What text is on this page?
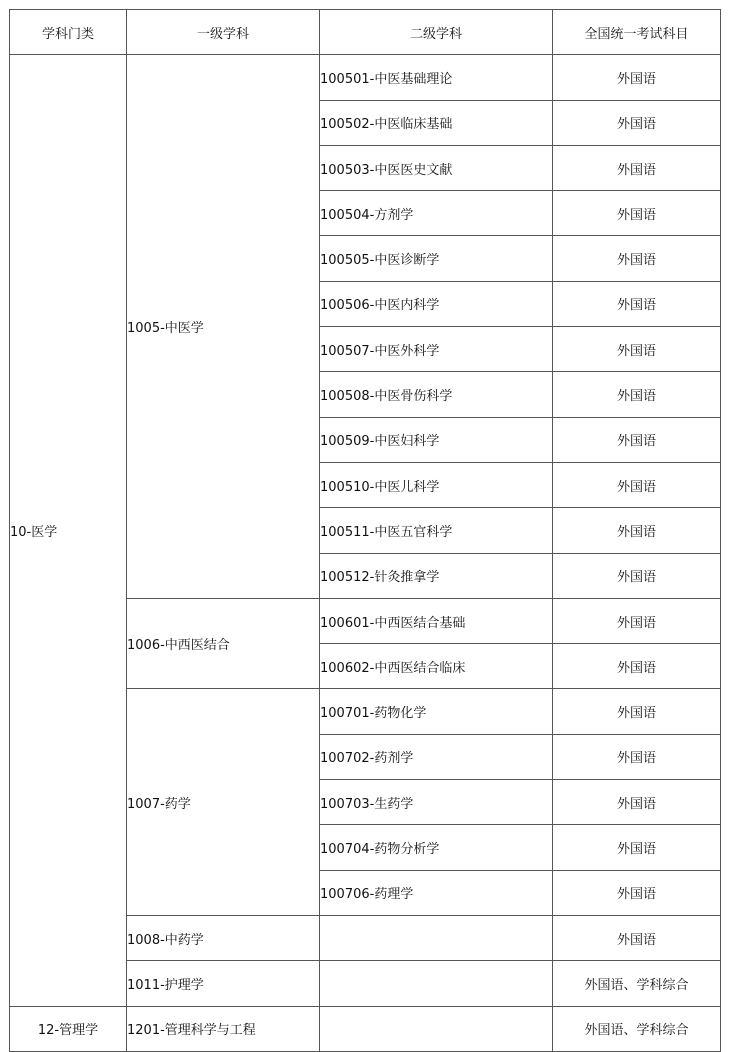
学科门类	一级学科	二级学科	全国统一考试科目
10-医学	1005-中医学	100501-中医基础理论	外国语
		100502-中医临床基础	外国语
		100503-中医医史文献	外国语
		100504-方剂学	外国语
		100505-中医诊断学	外国语
		100506-中医内科学	外国语
		100507-中医外科学	外国语
		100508-中医骨伤科学	外国语
		100509-中医妇科学	外国语
		100510-中医儿科学	外国语
		100511-中医五官科学	外国语
		100512-针灸推拿学	外国语
	1006-中西医结合	100601-中西医结合基础	外国语
		100602-中西医结合临床	外国语
	1007-药学	100701-药物化学	外国语
		100702-药剂学	外国语
		100703-生药学	外国语
		100704-药物分析学	外国语
		100706-药理学	外国语
	1008-中药学		外国语
	1011-护理学		外国语、学科综合
12-管理学	1201-管理科学与工程		外国语、学科综合
